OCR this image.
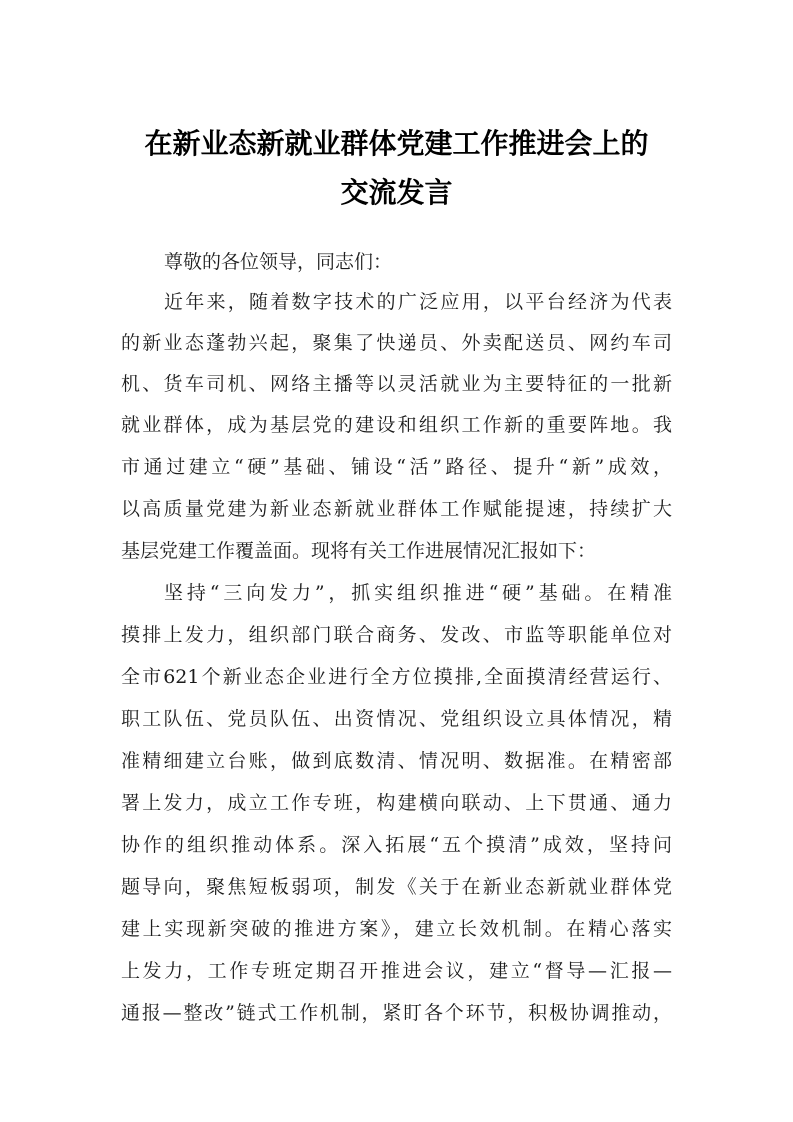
在新业态新就业群体党建工作推进会上的
交流发言
尊敬的各位领导，同志们：
近年来，随着数字技术的广泛应用，以平台经济为代表
的新业态蓬勃兴起，聚集了快递员、外卖配送员、网约车司
机、货车司机、网络主播等以灵活就业为主要特征的一批新
就业群体，成为基层党的建设和组织工作新的重要阵地。我
市通过建立“硬”基础、铺设“活”路径、提升“新”成效，
以高质量党建为新业态新就业群体工作赋能提速，持续扩大
基层党建工作覆盖面。现将有关工作进展情况汇报如下：
坚持“三向发力”，抓实组织推进“硬”基础。在精准
摸排上发力，组织部门联合商务、发改、市监等职能单位对
全市621个新业态企业进行全方位摸排,全面摸清经营运行、
职工队伍、党员队伍、出资情况、党组织设立具体情况，精
准精细建立台账，做到底数清、情况明、数据准。在精密部
署上发力，成立工作专班，构建横向联动、上下贯通、通力
协作的组织推动体系。深入拓展“五个摸清”成效，坚持问
题导向，聚焦短板弱项，制发《关于在新业态新就业群体党
建上实现新突破的推进方案》，建立长效机制。在精心落实
上发力，工作专班定期召开推进会议，建立“督导—汇报—
通报—整改”链式工作机制，紧盯各个环节，积极协调推动，
